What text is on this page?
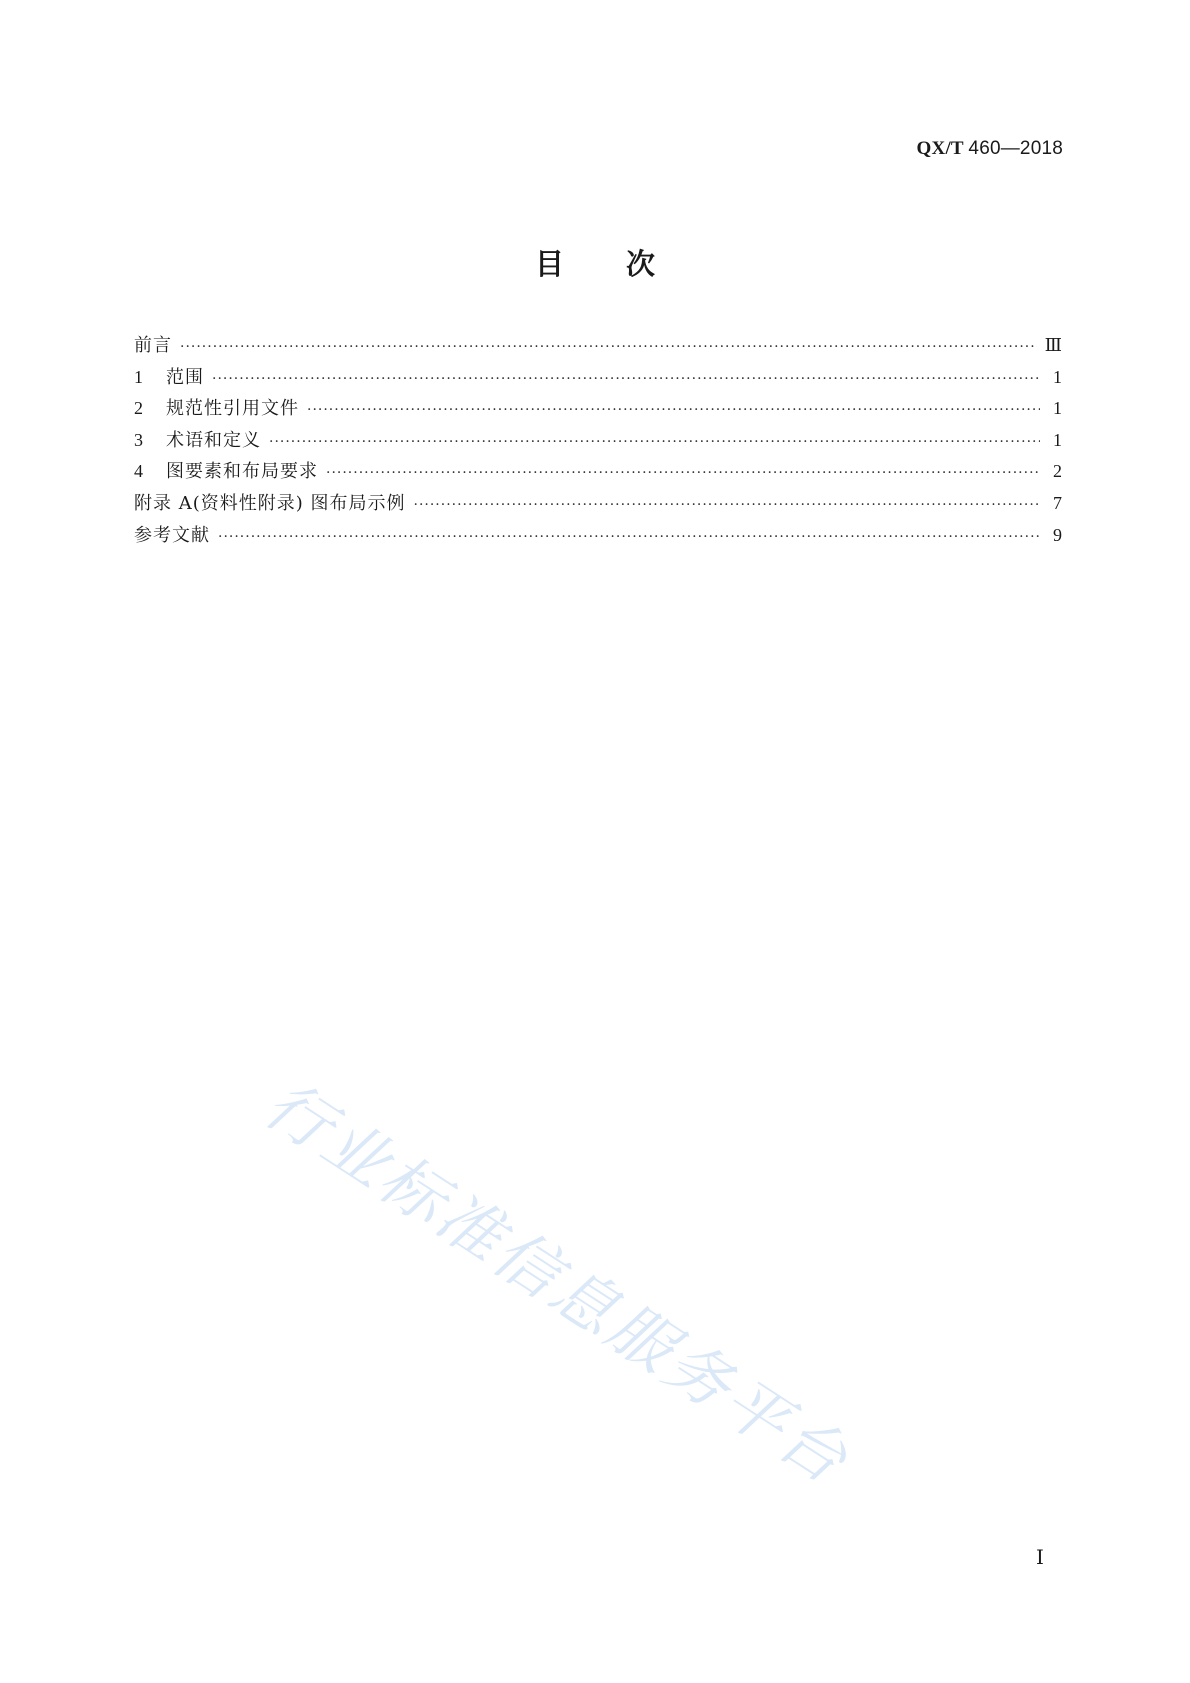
QX/T 460—2018
目次
前言 ·····	Ⅲ
1	范围 ·····	1
2	规范性引用文件 ·····	1
3	术语和定义 ·····	1
4	图要素和布局要求 ·····	2
附录 A(资料性附录) 图布局示例 ·····	7
参考文献 ·····	9
行业标准信息服务平台
Ⅰ
